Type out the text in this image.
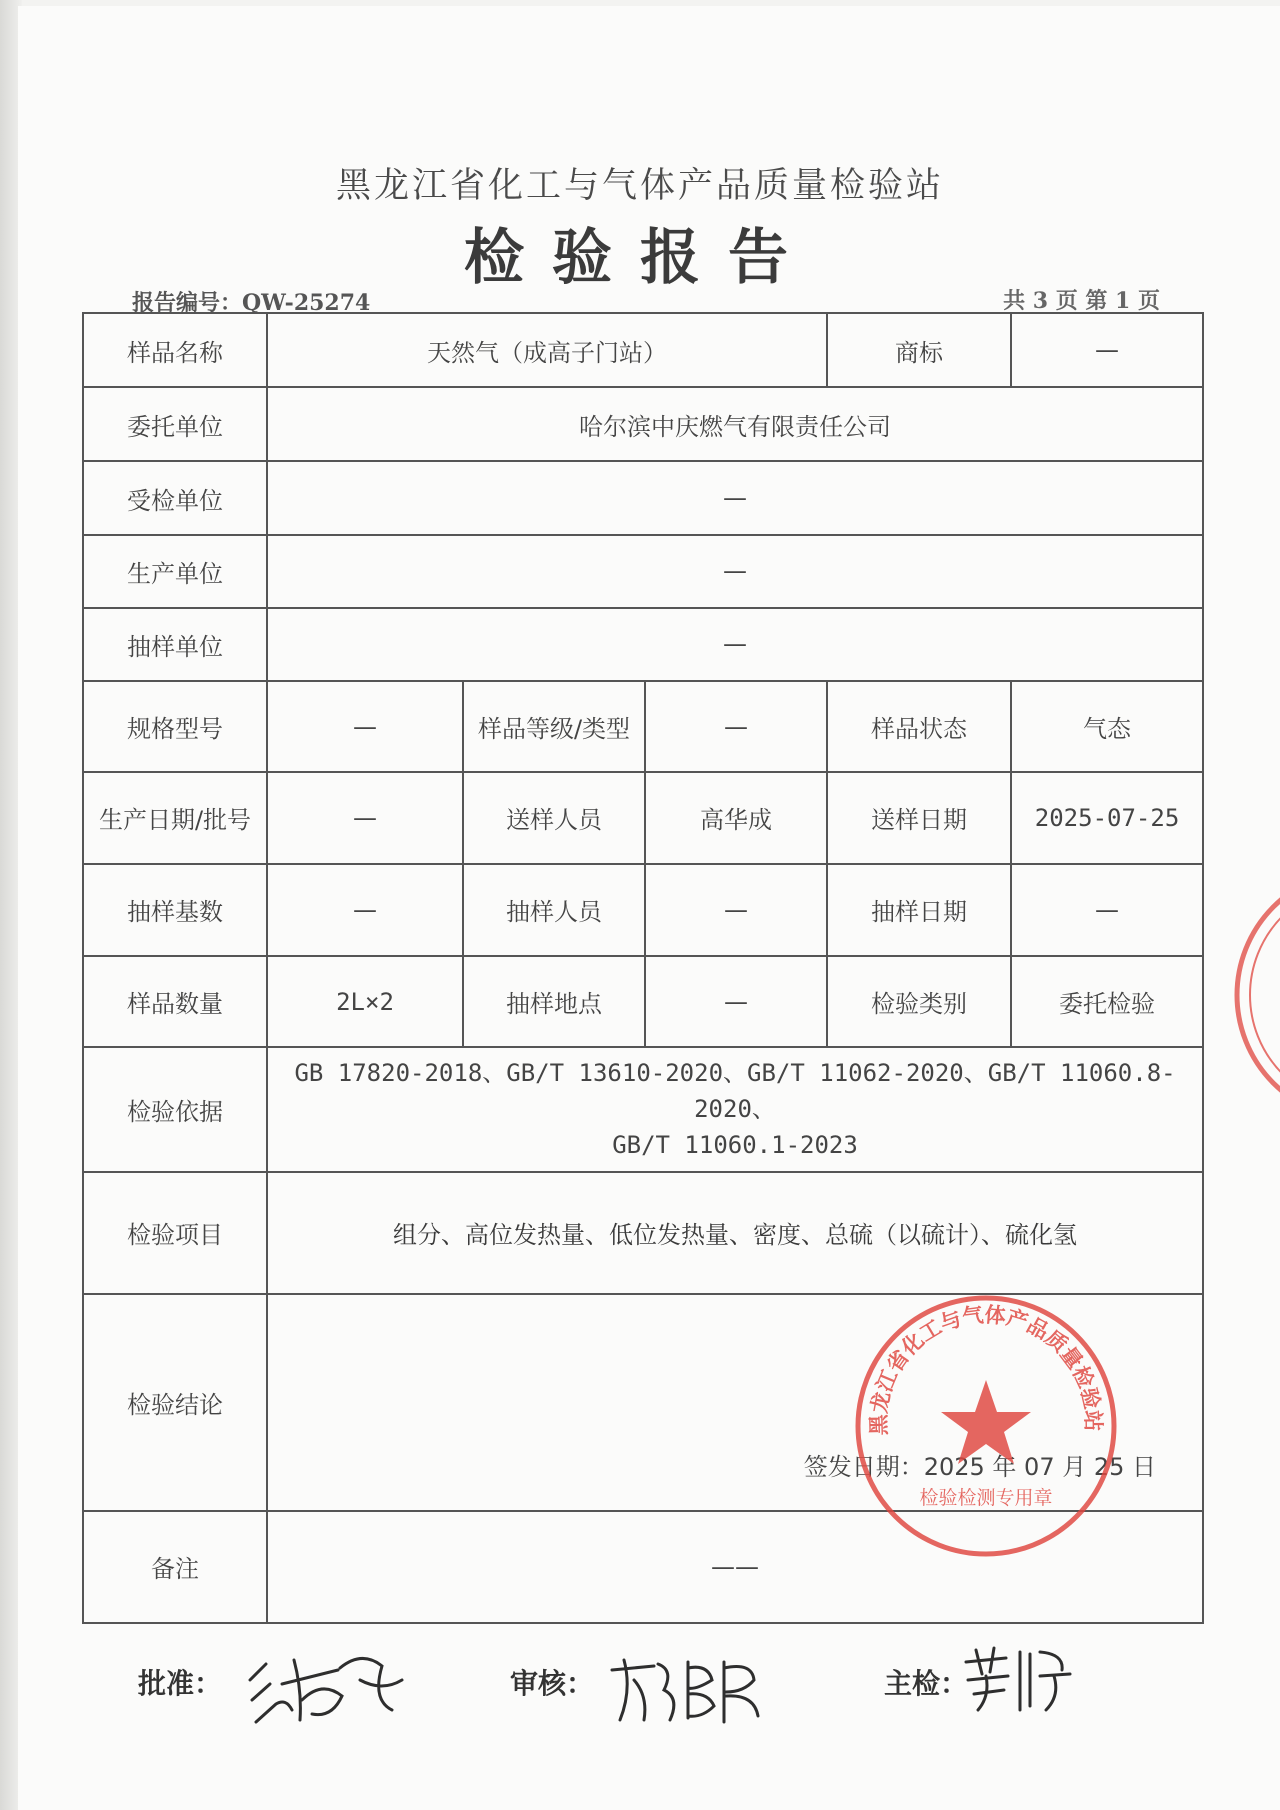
黑龙江省化工与气体产品质量检验站
检验报告
报告编号：QW-25274	共 3 页 第 1 页
样品名称	天然气（成高子门站）			商标	—
委托单位	哈尔滨中庆燃气有限责任公司				
受检单位	—				
生产单位	—				
抽样单位	—				
规格型号	—	样品等级/类型	—	样品状态	气态
生产日期/批号	—	送样人员	高华成	送样日期	2025-07-25
抽样基数	—	抽样人员	—	抽样日期	—
样品数量	2L×2	抽样地点	—	检验类别	委托检验
检验依据	GB 17820-2018、GB/T 13610-2020、GB/T 11062-2020、GB/T 11060.8-2020、
GB/T 11060.1-2023				

检验项目	组分、高位发热量、低位发热量、密度、总硫（以硫计）、硫化氢				
检验结论	签发日期：2025 年 07 月 25 日				

备注	——				
黑龙江省化工与气体产品质量检验站
检验检测专用章
批准：	审核：	主检：
